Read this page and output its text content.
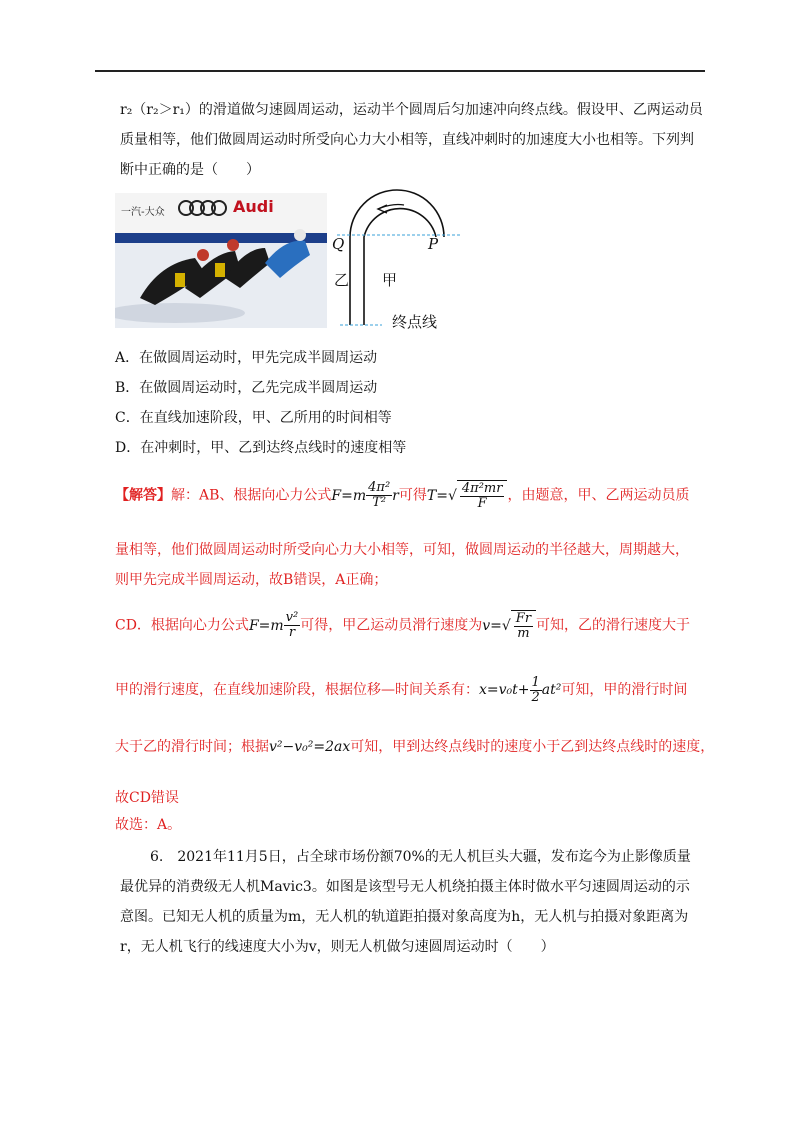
r₂（r₂＞r₁）的滑道做匀速圆周运动，运动半个圆周后匀加速冲向终点线。假设甲、乙两运动员
质量相等，他们做圆周运动时所受向心力大小相等，直线冲刺时的加速度大小也相等。下列判
断中正确的是（　　）
一汽-大众	Audi
Q	P
乙 甲
终点线
A．在做圆周运动时，甲先完成半圆周运动
B．在做圆周运动时，乙先完成半圆周运动
C．在直线加速阶段，甲、乙所用的时间相等
D．在冲刺时，甲、乙到达终点线时的速度相等
【解答】解：AB、根据向心力公式$F=m \frac{\text{4π²}}{\text{T²}}$ r可得$T=√ \frac{\text{4π²mr}}{F}$ ，由题意，甲、乙两运动员质
量相等，他们做圆周运动时所受向心力大小相等，可知，做圆周运动的半径越大，周期越大，
则甲先完成半圆周运动，故B错误，A正确；
CD．根据向心力公式$F=m \frac{\text{v²}}{r}$ 可得，甲乙运动员滑行速度为$v=√ \frac{Fr}{m}$ 可知，乙的滑行速度大于
甲的滑行速度，在直线加速阶段，根据位移—时间关系有：$x=v_0t+ \frac{1}{2} at^2$可知，甲的滑行时间
大于乙的滑行时间；根据v²−v₀²=2ax可知，甲到达终点线时的速度小于乙到达终点线时的速度，
故CD错误
故选：A。
6.　2021年11月5日，占全球市场份额70%的无人机巨头大疆，发布迄今为止影像质量
最优异的消费级无人机Mavic3。如图是该型号无人机绕拍摄主体时做水平匀速圆周运动的示
意图。已知无人机的质量为m，无人机的轨道距拍摄对象高度为h，无人机与拍摄对象距离为
r，无人机飞行的线速度大小为v，则无人机做匀速圆周运动时（　　）
